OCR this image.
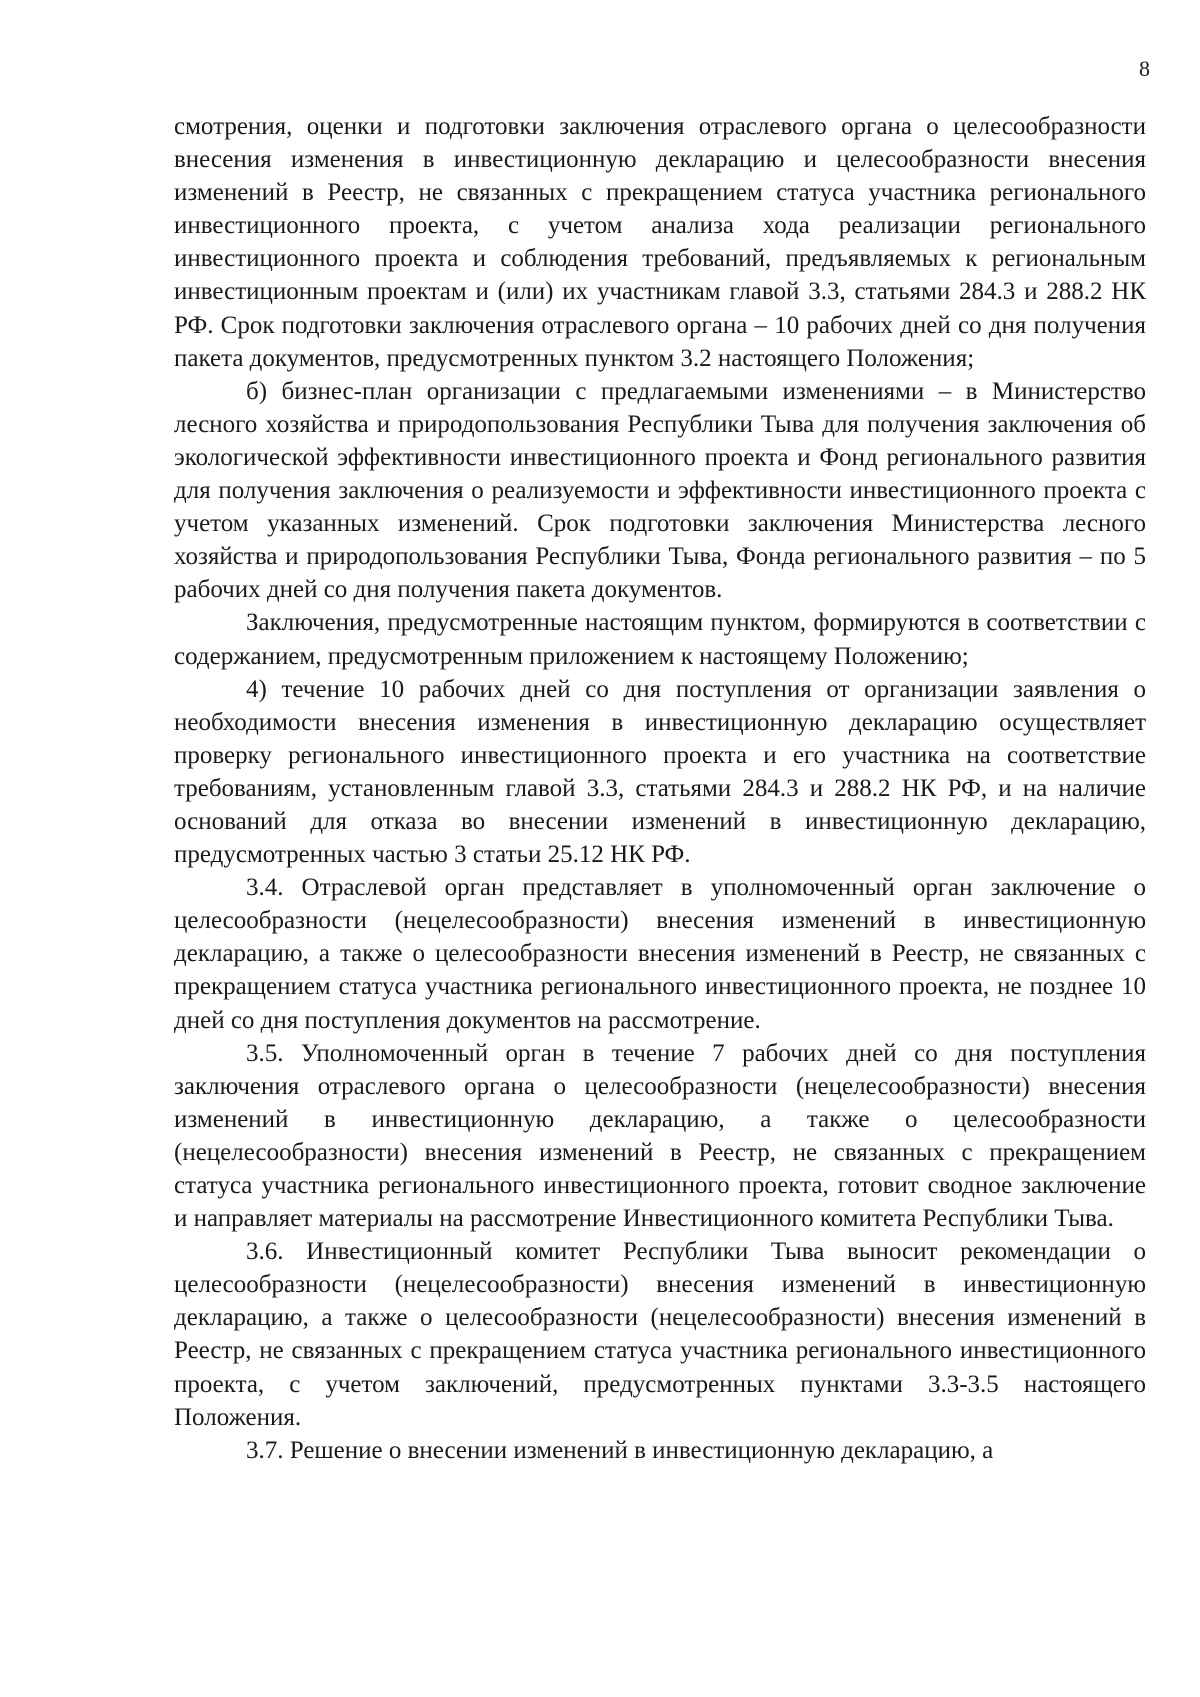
8

смотрения, оценки и подготовки заключения отраслевого органа о целесообразности внесения изменения в инвестиционную декларацию и целесообразности внесения изменений в Реестр, не связанных с прекращением статуса участника регионального инвестиционного проекта, с учетом анализа хода реализации регионального инвестиционного проекта и соблюдения требований, предъявляемых к региональным инвестиционным проектам и (или) их участникам главой 3.3, статьями 284.3 и 288.2 НК РФ. Срок подготовки заключения отраслевого органа – 10 рабочих дней со дня получения пакета документов, предусмотренных пунктом 3.2 настоящего Положения;

б) бизнес-план организации с предлагаемыми изменениями – в Министерство лесного хозяйства и природопользования Республики Тыва для получения заключения об экологической эффективности инвестиционного проекта и Фонд регионального развития для получения заключения о реализуемости и эффективности инвестиционного проекта с учетом указанных изменений. Срок подготовки заключения Министерства лесного хозяйства и природопользования Республики Тыва, Фонда регионального развития – по 5 рабочих дней со дня получения пакета документов.

Заключения, предусмотренные настоящим пунктом, формируются в соответствии с содержанием, предусмотренным приложением к настоящему Положению;

4) течение 10 рабочих дней со дня поступления от организации заявления о необходимости внесения изменения в инвестиционную декларацию осуществляет проверку регионального инвестиционного проекта и его участника на соответствие требованиям, установленным главой 3.3, статьями 284.3 и 288.2 НК РФ, и на наличие оснований для отказа во внесении изменений в инвестиционную декларацию, предусмотренных частью 3 статьи 25.12 НК РФ.

3.4. Отраслевой орган представляет в уполномоченный орган заключение о целесообразности (нецелесообразности) внесения изменений в инвестиционную декларацию, а также о целесообразности внесения изменений в Реестр, не связанных с прекращением статуса участника регионального инвестиционного проекта, не позднее 10 дней со дня поступления документов на рассмотрение.

3.5. Уполномоченный орган в течение 7 рабочих дней со дня поступления заключения отраслевого органа о целесообразности (нецелесообразности) внесения изменений в инвестиционную декларацию, а также о целесообразности (нецелесообразности) внесения изменений в Реестр, не связанных с прекращением статуса участника регионального инвестиционного проекта, готовит сводное заключение и направляет материалы на рассмотрение Инвестиционного комитета Республики Тыва.

3.6. Инвестиционный комитет Республики Тыва выносит рекомендации о целесообразности (нецелесообразности) внесения изменений в инвестиционную декларацию, а также о целесообразности (нецелесообразности) внесения изменений в Реестр, не связанных с прекращением статуса участника регионального инвестиционного проекта, с учетом заключений, предусмотренных пунктами 3.3-3.5 настоящего Положения.

3.7. Решение о внесении изменений в инвестиционную декларацию, а
